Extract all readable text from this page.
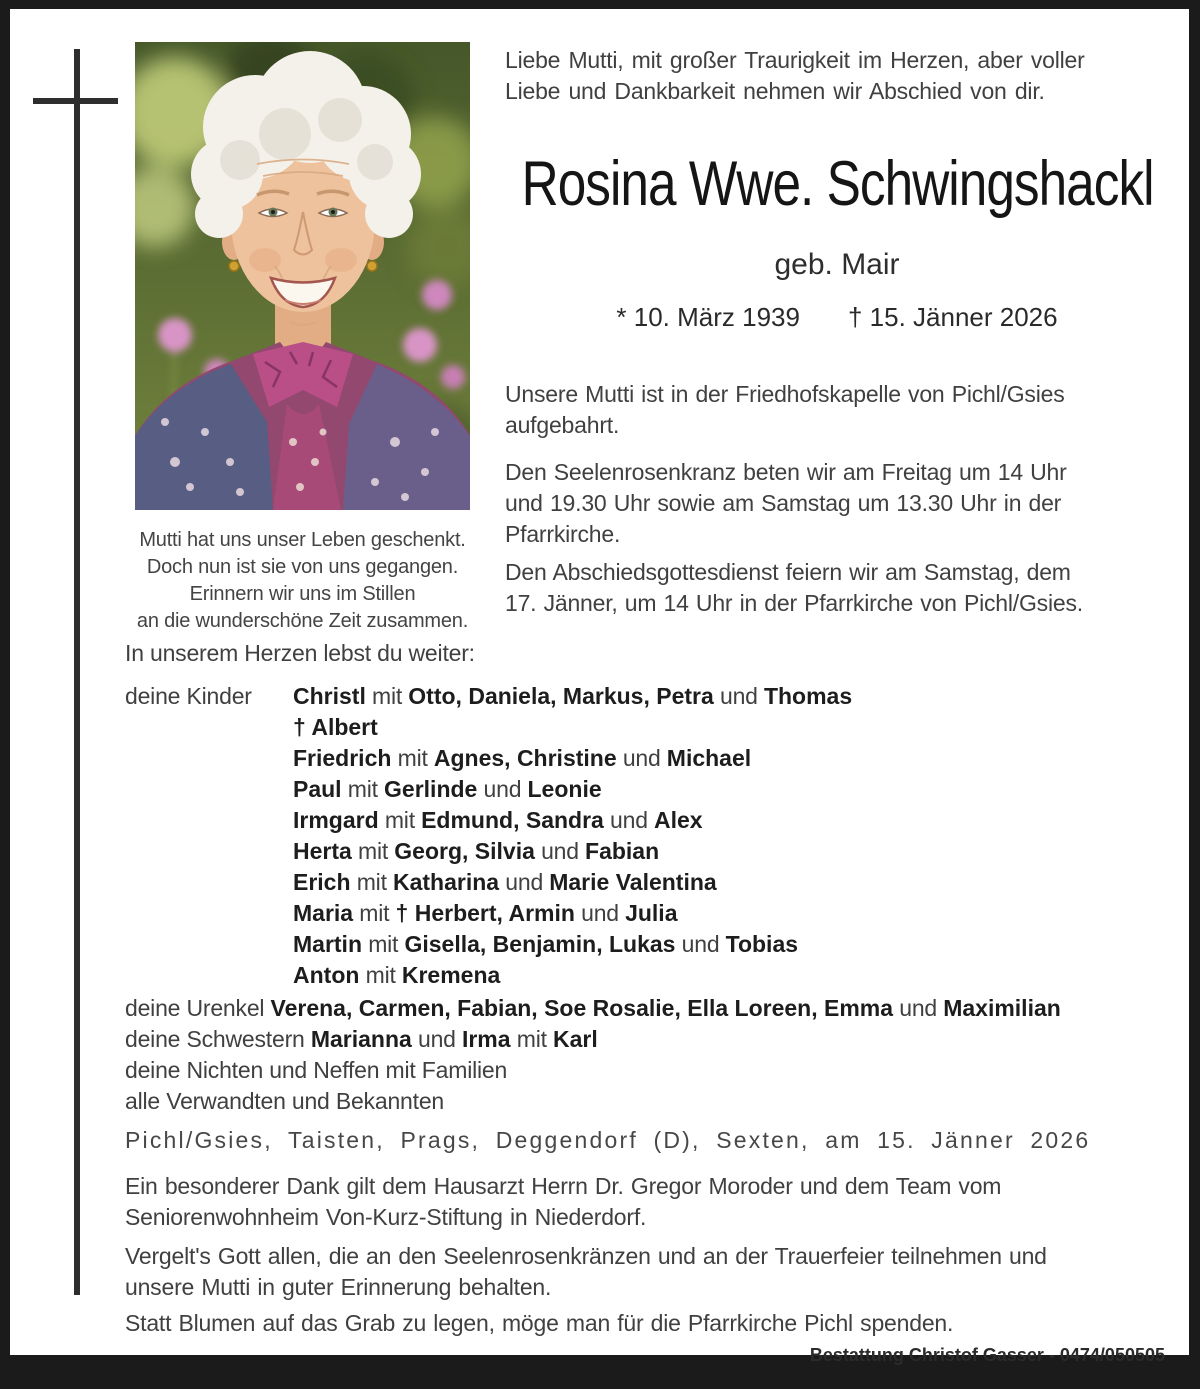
Mutti hat uns unser Leben geschenkt.
Doch nun ist sie von uns gegangen.
Erinnern wir uns im Stillen
an die wunderschöne Zeit zusammen.
Liebe Mutti, mit großer Traurigkeit im Herzen, aber voller
Liebe und Dankbarkeit nehmen wir Abschied von dir.
Rosina Wwe. Schwingshackl
geb. Mair
* 10. März 1939 † 15. Jänner 2026
Unsere Mutti ist in der Friedhofskapelle von Pichl/Gsies
aufgebahrt.
Den Seelenrosenkranz beten wir am Freitag um 14 Uhr
und 19.30 Uhr sowie am Samstag um 13.30 Uhr in der
Pfarrkirche.
Den Abschiedsgottesdienst feiern wir am Samstag, dem
17. Jänner, um 14 Uhr in der Pfarrkirche von Pichl/Gsies.
In unserem Herzen lebst du weiter:
deine Kinder Christl mit Otto, Daniela, Markus, Petra und Thomas
† Albert
Friedrich mit Agnes, Christine und Michael
Paul mit Gerlinde und Leonie
Irmgard mit Edmund, Sandra und Alex
Herta mit Georg, Silvia und Fabian
Erich mit Katharina und Marie Valentina
Maria mit † Herbert, Armin und Julia
Martin mit Gisella, Benjamin, Lukas und Tobias
Anton mit Kremena
deine Urenkel Verena, Carmen, Fabian, Soe Rosalie, Ella Loreen, Emma und Maximilian
deine Schwestern Marianna und Irma mit Karl
deine Nichten und Neffen mit Familien
alle Verwandten und Bekannten
Pichl/Gsies, Taisten, Prags, Deggendorf (D), Sexten, am 15. Jänner 2026
Ein besonderer Dank gilt dem Hausarzt Herrn Dr. Gregor Moroder und dem Team vom
Seniorenwohnheim Von-Kurz-Stiftung in Niederdorf.
Vergelt's Gott allen, die an den Seelenrosenkränzen und an der Trauerfeier teilnehmen und
unsere Mutti in guter Erinnerung behalten.
Statt Blumen auf das Grab zu legen, möge man für die Pfarrkirche Pichl spenden.
Bestattung Christof Gasser - 0474/050505
